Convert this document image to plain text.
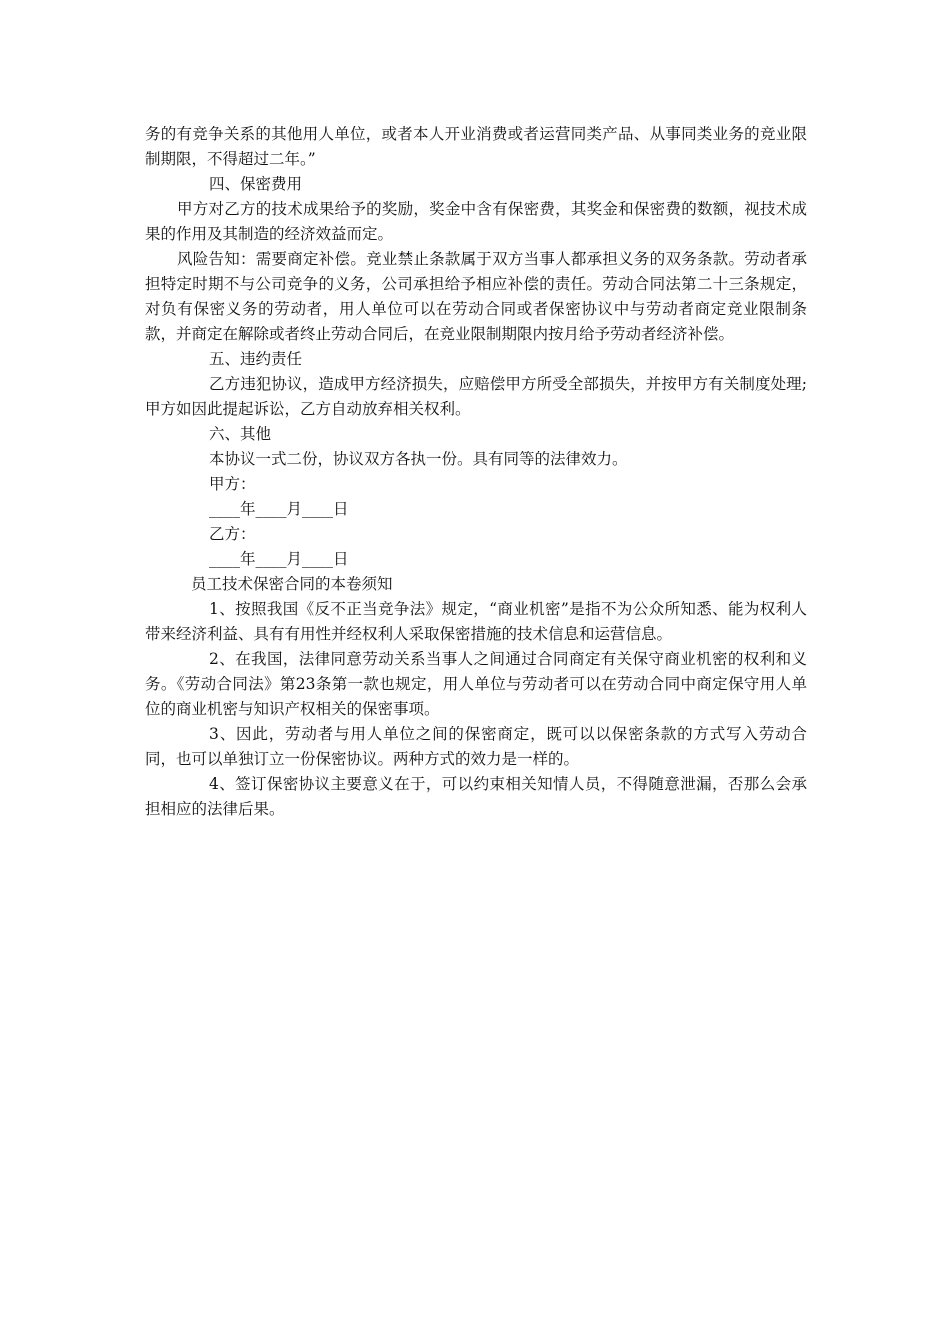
务的有竞争关系的其他用人单位，或者本人开业消费或者运营同类产品、从事同类业务的竞业限制期限，不得超过二年。”

四、保密费用

甲方对乙方的技术成果给予的奖励，奖金中含有保密费，其奖金和保密费的数额，视技术成果的作用及其制造的经济效益而定。

风险告知：需要商定补偿。竞业禁止条款属于双方当事人都承担义务的双务条款。劳动者承担特定时期不与公司竞争的义务，公司承担给予相应补偿的责任。劳动合同法第二十三条规定，对负有保密义务的劳动者，用人单位可以在劳动合同或者保密协议中与劳动者商定竞业限制条款，并商定在解除或者终止劳动合同后，在竞业限制期限内按月给予劳动者经济补偿。

五、违约责任

乙方违犯协议，造成甲方经济损失，应赔偿甲方所受全部损失，并按甲方有关制度处理;甲方如因此提起诉讼，乙方自动放弃相关权利。

六、其他

本协议一式二份，协议双方各执一份。具有同等的法律效力。

甲方：

____年____月____日

乙方：

____年____月____日

员工技术保密合同的本卷须知

1、按照我国《反不正当竞争法》规定，“商业机密”是指不为公众所知悉、能为权利人带来经济利益、具有有用性并经权利人采取保密措施的技术信息和运营信息。

2、在我国，法律同意劳动关系当事人之间通过合同商定有关保守商业机密的权利和义务。《劳动合同法》第23条第一款也规定，用人单位与劳动者可以在劳动合同中商定保守用人单位的商业机密与知识产权相关的保密事项。

3、因此，劳动者与用人单位之间的保密商定，既可以以保密条款的方式写入劳动合同，也可以单独订立一份保密协议。两种方式的效力是一样的。

4、签订保密协议主要意义在于，可以约束相关知情人员，不得随意泄漏，否那么会承担相应的法律后果。
